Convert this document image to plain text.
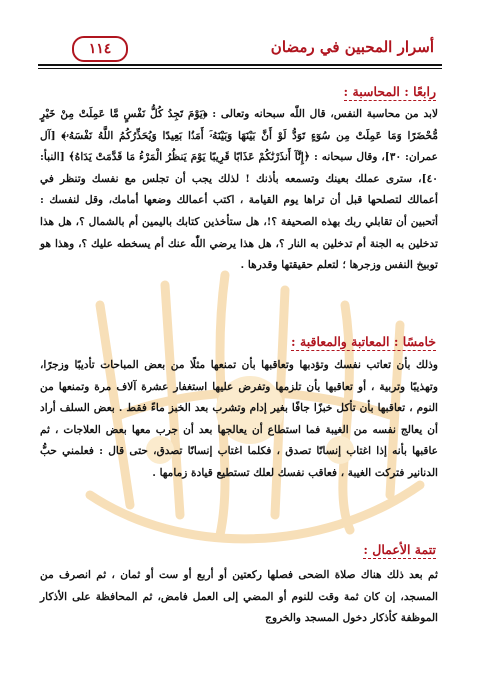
أسرار المحبين في رمضان
١١٤
رابعًا : المحاسبة :
لابد من محاسبة النفس، قال اللّٰه سبحانه وتعالى : ﴿يَوْمَ تَجِدُ كُلُّ نَفْسٍ مَّا عَمِلَتْ مِنْ خَيْرٍ مُّحْضَرًا وَمَا عَمِلَتْ مِن سُوٓءٍ تَوَدُّ لَوْ أَنَّ بَيْنَهَا وَبَيْنَهُۥٓ أَمَدًۢا بَعِيدًا وَيُحَذِّرُكُمُ اللَّهُ نَفْسَهُۥ﴾ [آل عمران: ٣٠]، وقال سبحانه : ﴿إِنَّآ أَنذَرْنَٰكُمْ عَذَابًا قَرِيبًا يَوْمَ يَنظُرُ الْمَرْءُ مَا قَدَّمَتْ يَدَاهُ﴾ [النبأ: ٤٠]، سترى عملك بعينك وتسمعه بأذنك ! لذلك يجب أن تجلس مع نفسك وتنظر في أعمالك لتصلحها قبل أن تراها يوم القيامة ، اكتب أعمالك وضعها أمامك، وقل لنفسك : أتحبين أن تقابلي ربك بهذه الصحيفة ؟!، هل ستأخذين كتابك باليمين أم بالشمال ؟، هل هذا تدخلين به الجنة أم تدخلين به النار ؟، هل هذا يرضي اللّٰه عنك أم يسخطه عليك ؟، وهذا هو توبيخ النفس وزجرها ؛ لتعلم حقيقتها وقدرها .
خامسًا : المعاتبة والمعاقبة :
وذلك بأن تعاتب نفسك وتؤدبها وتعاقبها بأن تمنعها مثلًا من بعض المباحات تأديبًا وزجرًا، وتهذيبًا وتربية ، أو تعاقبها بأن تلزمها وتفرض عليها استغفار عشرة آلاف مرة وتمنعها من النوم ، تعاقبها بأن تأكل خبزًا جافًا بغير إدام وتشرب بعد الخبز ماءً فقط . بعض السلف أراد أن يعالج نفسه من الغيبة فما استطاع أن يعالجها بعد أن جرب معها بعض العلاجات ، ثم عاقبها بأنه إذا اغتاب إنسانًا تصدق ، فكلما اغتاب إنسانًا تصدق، حتى قال : فعلمني حبُّ الدنانير فتركت الغيبة ، فعاقب نفسك لعلك تستطيع قيادة زمامها .
تتمة الأعمال :
ثم بعد ذلك هناك صلاة الضحى فصلها ركعتين أو أربع أو ست أو ثمان ، ثم انصرف من المسجد، إن كان ثمة وقت للنوم أو المضي إلى العمل فامض، ثم المحافظة على الأذكار الموظفة كأذكار دخول المسجد والخروج
